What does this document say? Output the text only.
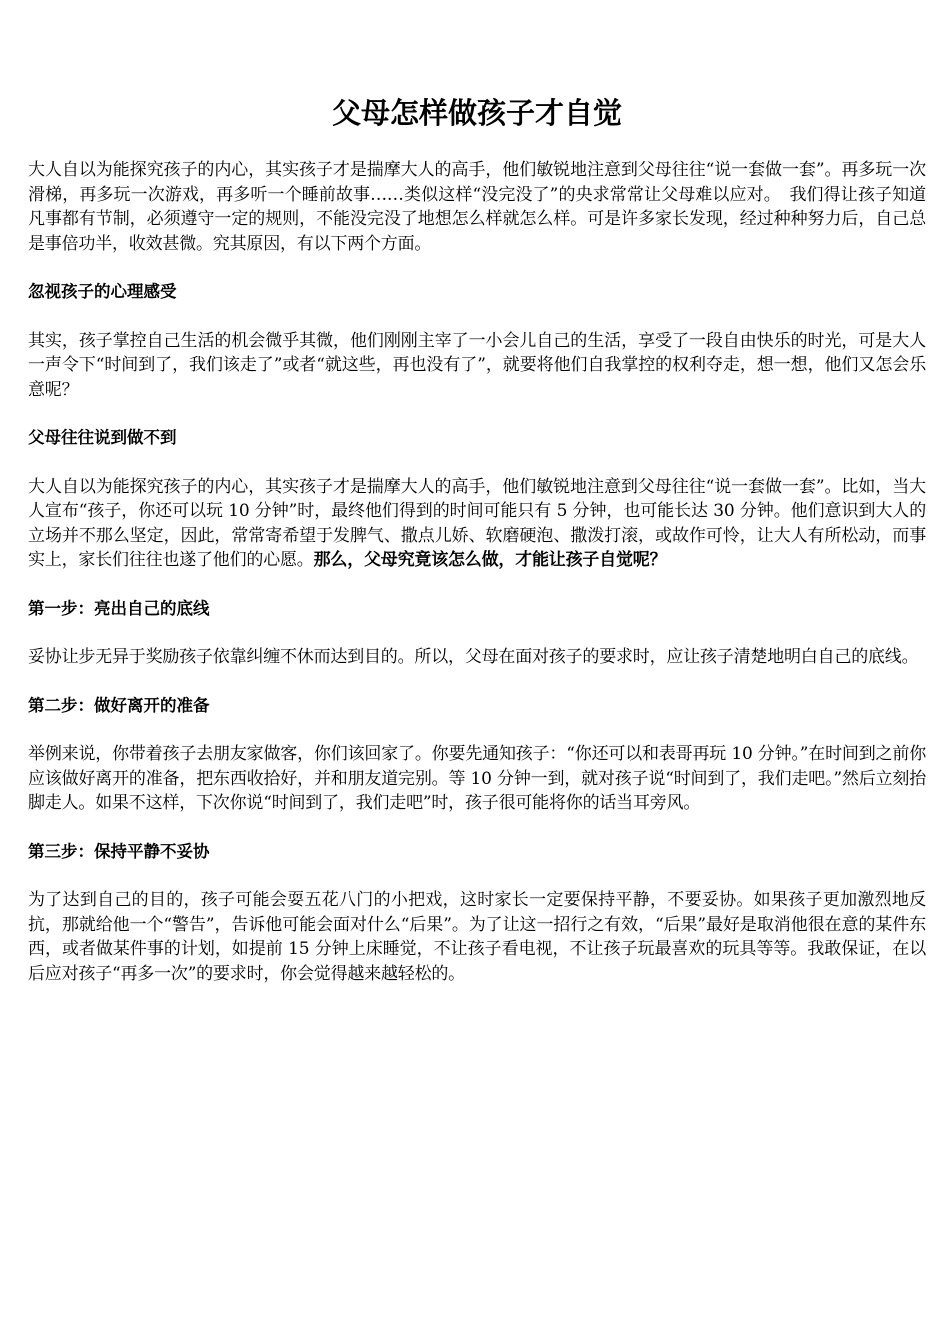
父母怎样做孩子才自觉

大人自以为能探究孩子的内心，其实孩子才是揣摩大人的高手，他们敏锐地注意到父母往往“说一套做一套”。再多玩一次滑梯，再多玩一次游戏，再多听一个睡前故事……类似这样“没完没了”的央求常常让父母难以应对。　我们得让孩子知道凡事都有节制，必须遵守一定的规则，不能没完没了地想怎么样就怎么样。可是许多家长发现，经过种种努力后，自己总是事倍功半，收效甚微。究其原因，有以下两个方面。

忽视孩子的心理感受

其实，孩子掌控自己生活的机会微乎其微，他们刚刚主宰了一小会儿自己的生活，享受了一段自由快乐的时光，可是大人一声令下“时间到了，我们该走了”或者“就这些，再也没有了”，就要将他们自我掌控的权利夺走，想一想，他们又怎会乐意呢？

父母往往说到做不到

大人自以为能探究孩子的内心，其实孩子才是揣摩大人的高手，他们敏锐地注意到父母往往“说一套做一套”。比如，当大人宣布“孩子，你还可以玩 10 分钟”时，最终他们得到的时间可能只有 5 分钟，也可能长达 30 分钟。他们意识到大人的立场并不那么坚定，因此，常常寄希望于发脾气、撒点儿娇、软磨硬泡、撒泼打滚，或故作可怜，让大人有所松动，而事实上，家长们往往也遂了他们的心愿。那么，父母究竟该怎么做，才能让孩子自觉呢？

第一步：亮出自己的底线

妥协让步无异于奖励孩子依靠纠缠不休而达到目的。所以，父母在面对孩子的要求时，应让孩子清楚地明白自己的底线。

第二步：做好离开的准备

举例来说，你带着孩子去朋友家做客，你们该回家了。你要先通知孩子：“你还可以和表哥再玩 10 分钟。”在时间到之前你应该做好离开的准备，把东西收拾好，并和朋友道完别。等 10 分钟一到，就对孩子说“时间到了，我们走吧。”然后立刻抬脚走人。如果不这样，下次你说“时间到了，我们走吧”时，孩子很可能将你的话当耳旁风。

第三步：保持平静不妥协

为了达到自己的目的，孩子可能会耍五花八门的小把戏，这时家长一定要保持平静，不要妥协。如果孩子更加激烈地反抗，那就给他一个“警告”，告诉他可能会面对什么“后果”。为了让这一招行之有效，“后果”最好是取消他很在意的某件东西，或者做某件事的计划，如提前 15 分钟上床睡觉，不让孩子看电视，不让孩子玩最喜欢的玩具等等。我敢保证，在以后应对孩子“再多一次”的要求时，你会觉得越来越轻松的。
